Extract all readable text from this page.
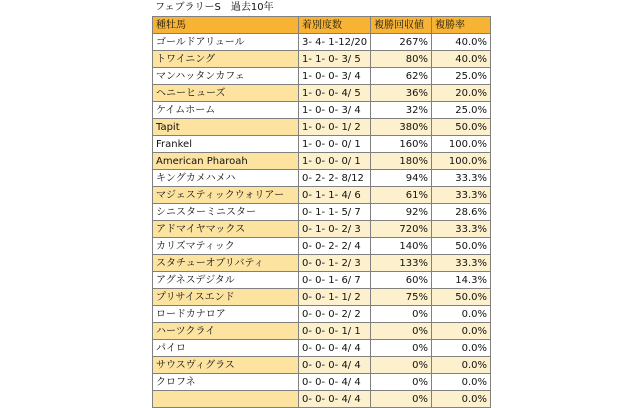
フェブラリーS　過去10年
種牡馬	着別度数	複勝回収値	複勝率
ゴールドアリュール	3- 4- 1-12/20	267%	40.0%
トワイニング	1- 1- 0- 3/ 5	80%	40.0%
マンハッタンカフェ	1- 0- 0- 3/ 4	62%	25.0%
ヘニーヒューズ	1- 0- 0- 4/ 5	36%	20.0%
ケイムホーム	1- 0- 0- 3/ 4	32%	25.0%
Tapit	1- 0- 0- 1/ 2	380%	50.0%
Frankel	1- 0- 0- 0/ 1	160%	100.0%
American Pharoah	1- 0- 0- 0/ 1	180%	100.0%
キングカメハメハ	0- 2- 2- 8/12	94%	33.3%
マジェスティックウォリアー	0- 1- 1- 4/ 6	61%	33.3%
シニスターミニスター	0- 1- 1- 5/ 7	92%	28.6%
アドマイヤマックス	0- 1- 0- 2/ 3	720%	33.3%
カリズマティック	0- 0- 2- 2/ 4	140%	50.0%
スタチューオブリバティ	0- 0- 1- 2/ 3	133%	33.3%
アグネスデジタル	0- 0- 1- 6/ 7	60%	14.3%
プリサイスエンド	0- 0- 1- 1/ 2	75%	50.0%
ロードカナロア	0- 0- 0- 2/ 2	0%	0.0%
ハーツクライ	0- 0- 0- 1/ 1	0%	0.0%
パイロ	0- 0- 0- 4/ 4	0%	0.0%
サウスヴィグラス	0- 0- 0- 4/ 4	0%	0.0%
クロフネ	0- 0- 0- 4/ 4	0%	0.0%
	0- 0- 0- 4/ 4	0%	0.0%
